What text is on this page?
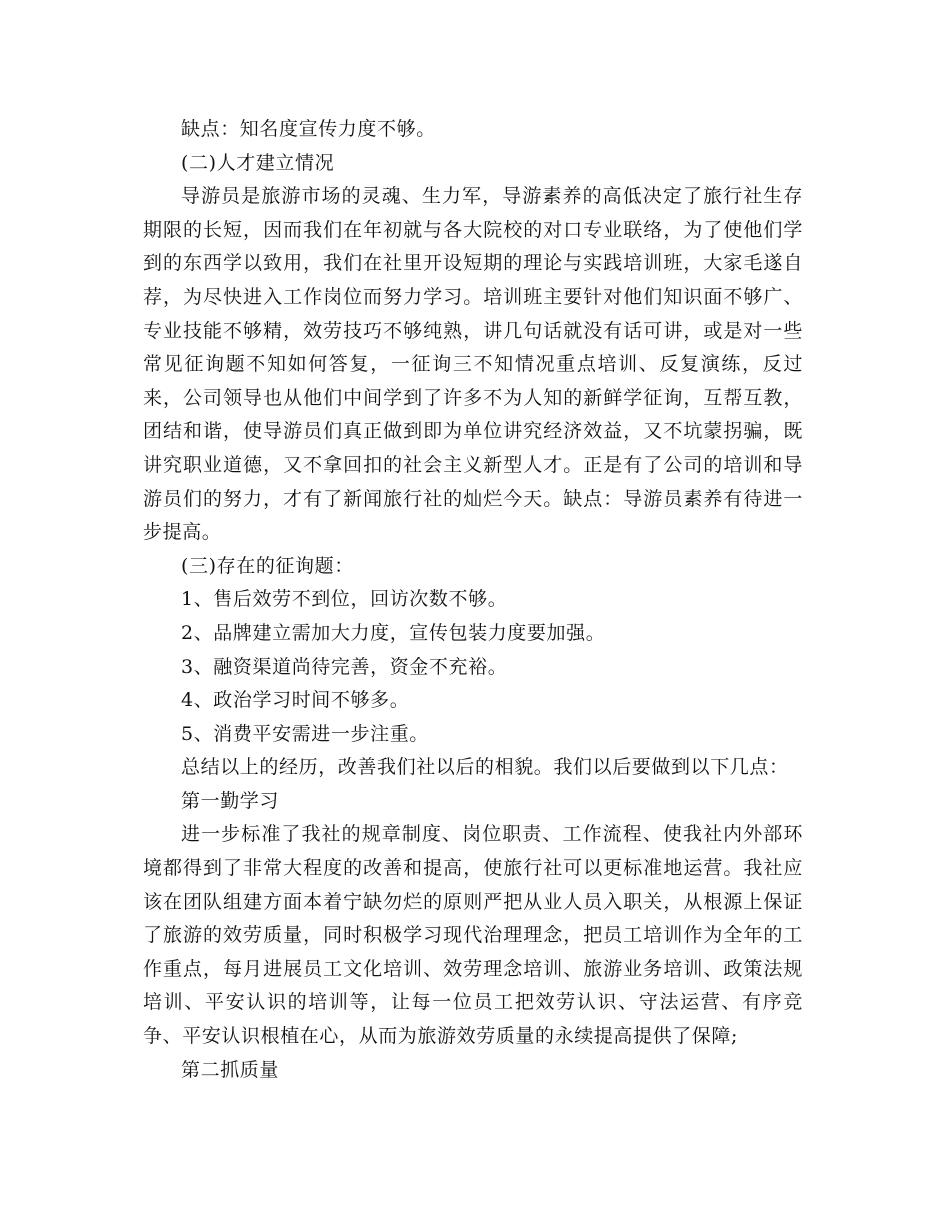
缺点：知名度宣传力度不够。

(二)人才建立情况

导游员是旅游市场的灵魂、生力军，导游素养的高低决定了旅行社生存期限的长短，因而我们在年初就与各大院校的对口专业联络，为了使他们学到的东西学以致用，我们在社里开设短期的理论与实践培训班，大家毛遂自荐，为尽快进入工作岗位而努力学习。培训班主要针对他们知识面不够广、专业技能不够精，效劳技巧不够纯熟，讲几句话就没有话可讲，或是对一些常见征询题不知如何答复，一征询三不知情况重点培训、反复演练，反过来，公司领导也从他们中间学到了许多不为人知的新鲜学征询，互帮互教，团结和谐，使导游员们真正做到即为单位讲究经济效益，又不坑蒙拐骗，既讲究职业道德，又不拿回扣的社会主义新型人才。正是有了公司的培训和导游员们的努力，才有了新闻旅行社的灿烂今天。缺点：导游员素养有待进一步提高。

(三)存在的征询题：

1、售后效劳不到位，回访次数不够。

2、品牌建立需加大力度，宣传包装力度要加强。

3、融资渠道尚待完善，资金不充裕。

4、政治学习时间不够多。

5、消费平安需进一步注重。

总结以上的经历，改善我们社以后的相貌。我们以后要做到以下几点：

第一勤学习

进一步标准了我社的规章制度、岗位职责、工作流程、使我社内外部环境都得到了非常大程度的改善和提高，使旅行社可以更标准地运营。我社应该在团队组建方面本着宁缺勿烂的原则严把从业人员入职关，从根源上保证了旅游的效劳质量，同时积极学习现代治理理念，把员工培训作为全年的工作重点，每月进展员工文化培训、效劳理念培训、旅游业务培训、政策法规培训、平安认识的培训等，让每一位员工把效劳认识、守法运营、有序竞争、平安认识根植在心，从而为旅游效劳质量的永续提高提供了保障;

第二抓质量
